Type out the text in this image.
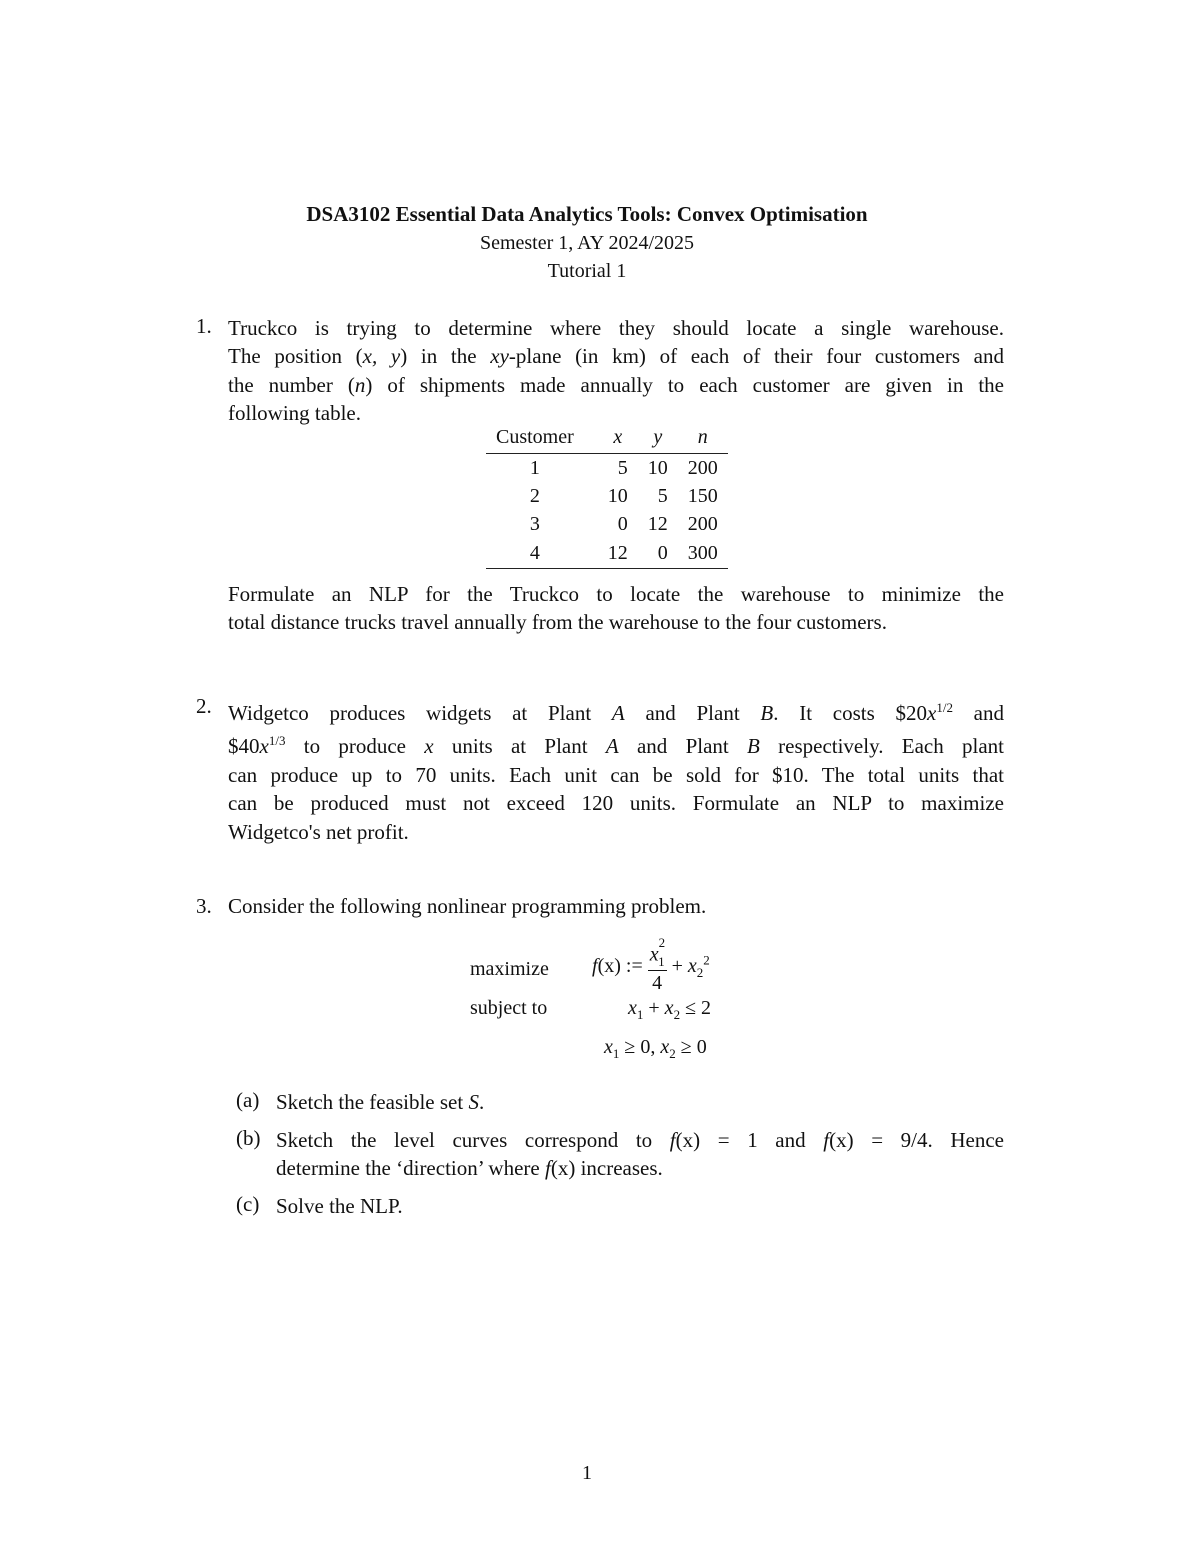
DSA3102 Essential Data Analytics Tools: Convex Optimisation
Semester 1, AY 2024/2025
Tutorial 1
1. Truckco is trying to determine where they should locate a single warehouse.
The position (x, y) in the xy-plane (in km) of each of their four customers and
the number (n) of shipments made annually to each customer are given in the
following table.
Customer	x	y	n
1	5	10	200
2	10	5	150
3	0	12	200
4	12	0	300
Formulate an NLP for the Truckco to locate the warehouse to minimize the
total distance trucks travel annually from the warehouse to the four customers.
2. Widgetco produces widgets at Plant A and Plant B. It costs $\$20x^{1/2}$ and
$\$40x^{1/3}$ to produce x units at Plant A and Plant B respectively. Each plant
can produce up to 70 units. Each unit can be sold for $10. The total units that
can be produced must not exceed 120 units. Formulate an NLP to maximize
Widgetco's net profit.
3. Consider the following nonlinear programming problem.
maximize f(x) := $\frac{x^2_1}{4} + x_2^2$
subject to	$x_1 + x_2 \le 2$
$x_1 \ge 0$, $x_2 \ge 0$
(a) Sketch the feasible set S.
(b) Sketch the level curves correspond to f(x) = 1 and f(x) = 9/4. Hence
determine the ‘direction’ where f(x) increases.
(c) Solve the NLP.
1
